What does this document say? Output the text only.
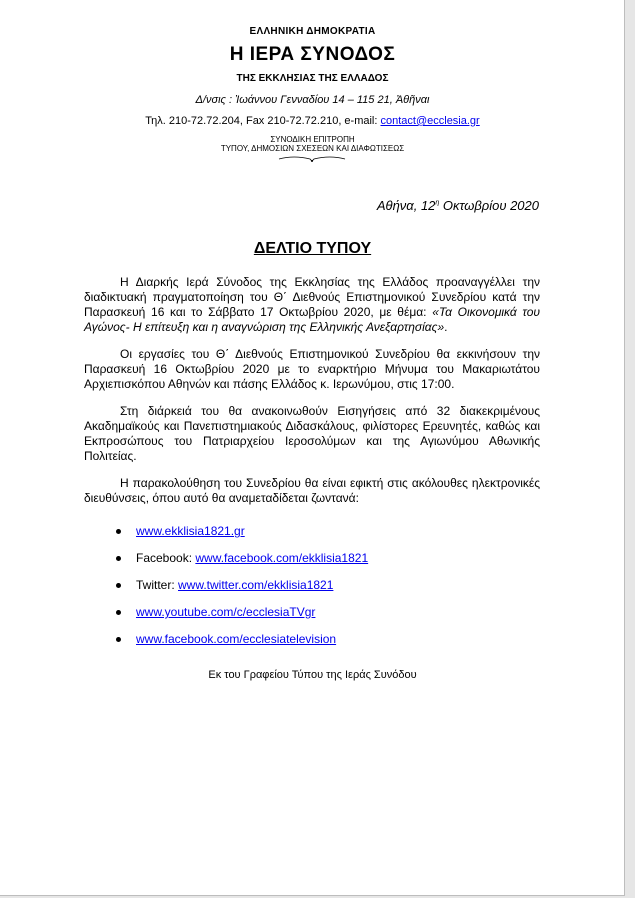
ΕΛΛΗΝΙΚΗ ΔΗΜΟΚΡΑΤΙΑ
Η ΙΕΡΑ ΣΥΝΟΔΟΣ
ΤΗΣ ΕΚΚΛΗΣΙΑΣ ΤΗΣ ΕΛΛΑΔΟΣ
Δ/νσις : Ἰωάννου Γενναδίου 14 – 115 21, Ἀθῆναι
Τηλ. 210-72.72.204, Fax 210-72.72.210, e-mail: contact@ecclesia.gr
ΣΥΝΟΔΙΚΗ ΕΠΙΤΡΟΠΗ
ΤΥΠΟΥ, ΔΗΜΟΣΙΩΝ ΣΧΕΣΕΩΝ ΚΑΙ ΔΙΑΦΩΤΙΣΕΩΣ
Αθήνα, $12^\eta$ Οκτωβρίου 2020
ΔΕΛΤΙΟ ΤΥΠΟΥ

Η Διαρκής Ιερά Σύνοδος της Εκκλησίας της Ελλάδος προαναγγέλλει την διαδικτυακή πραγματοποίηση του Θ΄ Διεθνούς Επιστημονικού Συνεδρίου κατά την Παρασκευή 16 και το Σάββατο 17 Οκτωβρίου 2020, με θέμα: «Τα Οικονομικά του Αγώνος- Η επίτευξη και η αναγνώριση της Ελληνικής Ανεξαρτησίας».

Οι εργασίες του Θ΄ Διεθνούς Επιστημονικού Συνεδρίου θα εκκινήσουν την Παρασκευή 16 Οκτωβρίου 2020 με το εναρκτήριο Μήνυμα του Μακαριωτάτου Αρχιεπισκόπου Αθηνών και πάσης Ελλάδος κ. Ιερωνύμου, στις 17:00.

Στη διάρκειά του θα ανακοινωθούν Εισηγήσεις από 32 διακεκριμένους Ακαδημαϊκούς και Πανεπιστημιακούς Διδασκάλους, φιλίστορες Ερευνητές, καθώς και Εκπροσώπους του Πατριαρχείου Ιεροσολύμων και της Αγιωνύμου Αθωνικής Πολιτείας.

Η παρακολούθηση του Συνεδρίου θα είναι εφικτή στις ακόλουθες ηλεκτρονικές διευθύνσεις, όπου αυτό θα αναμεταδίδεται ζωντανά:

www.ekklisia1821.gr
Facebook: www.facebook.com/ekklisia1821
Twitter: www.twitter.com/ekklisia1821
www.youtube.com/c/ecclesiaTVgr
www.facebook.com/ecclesiatelevision
Εκ του Γραφείου Τύπου της Ιεράς Συνόδου
